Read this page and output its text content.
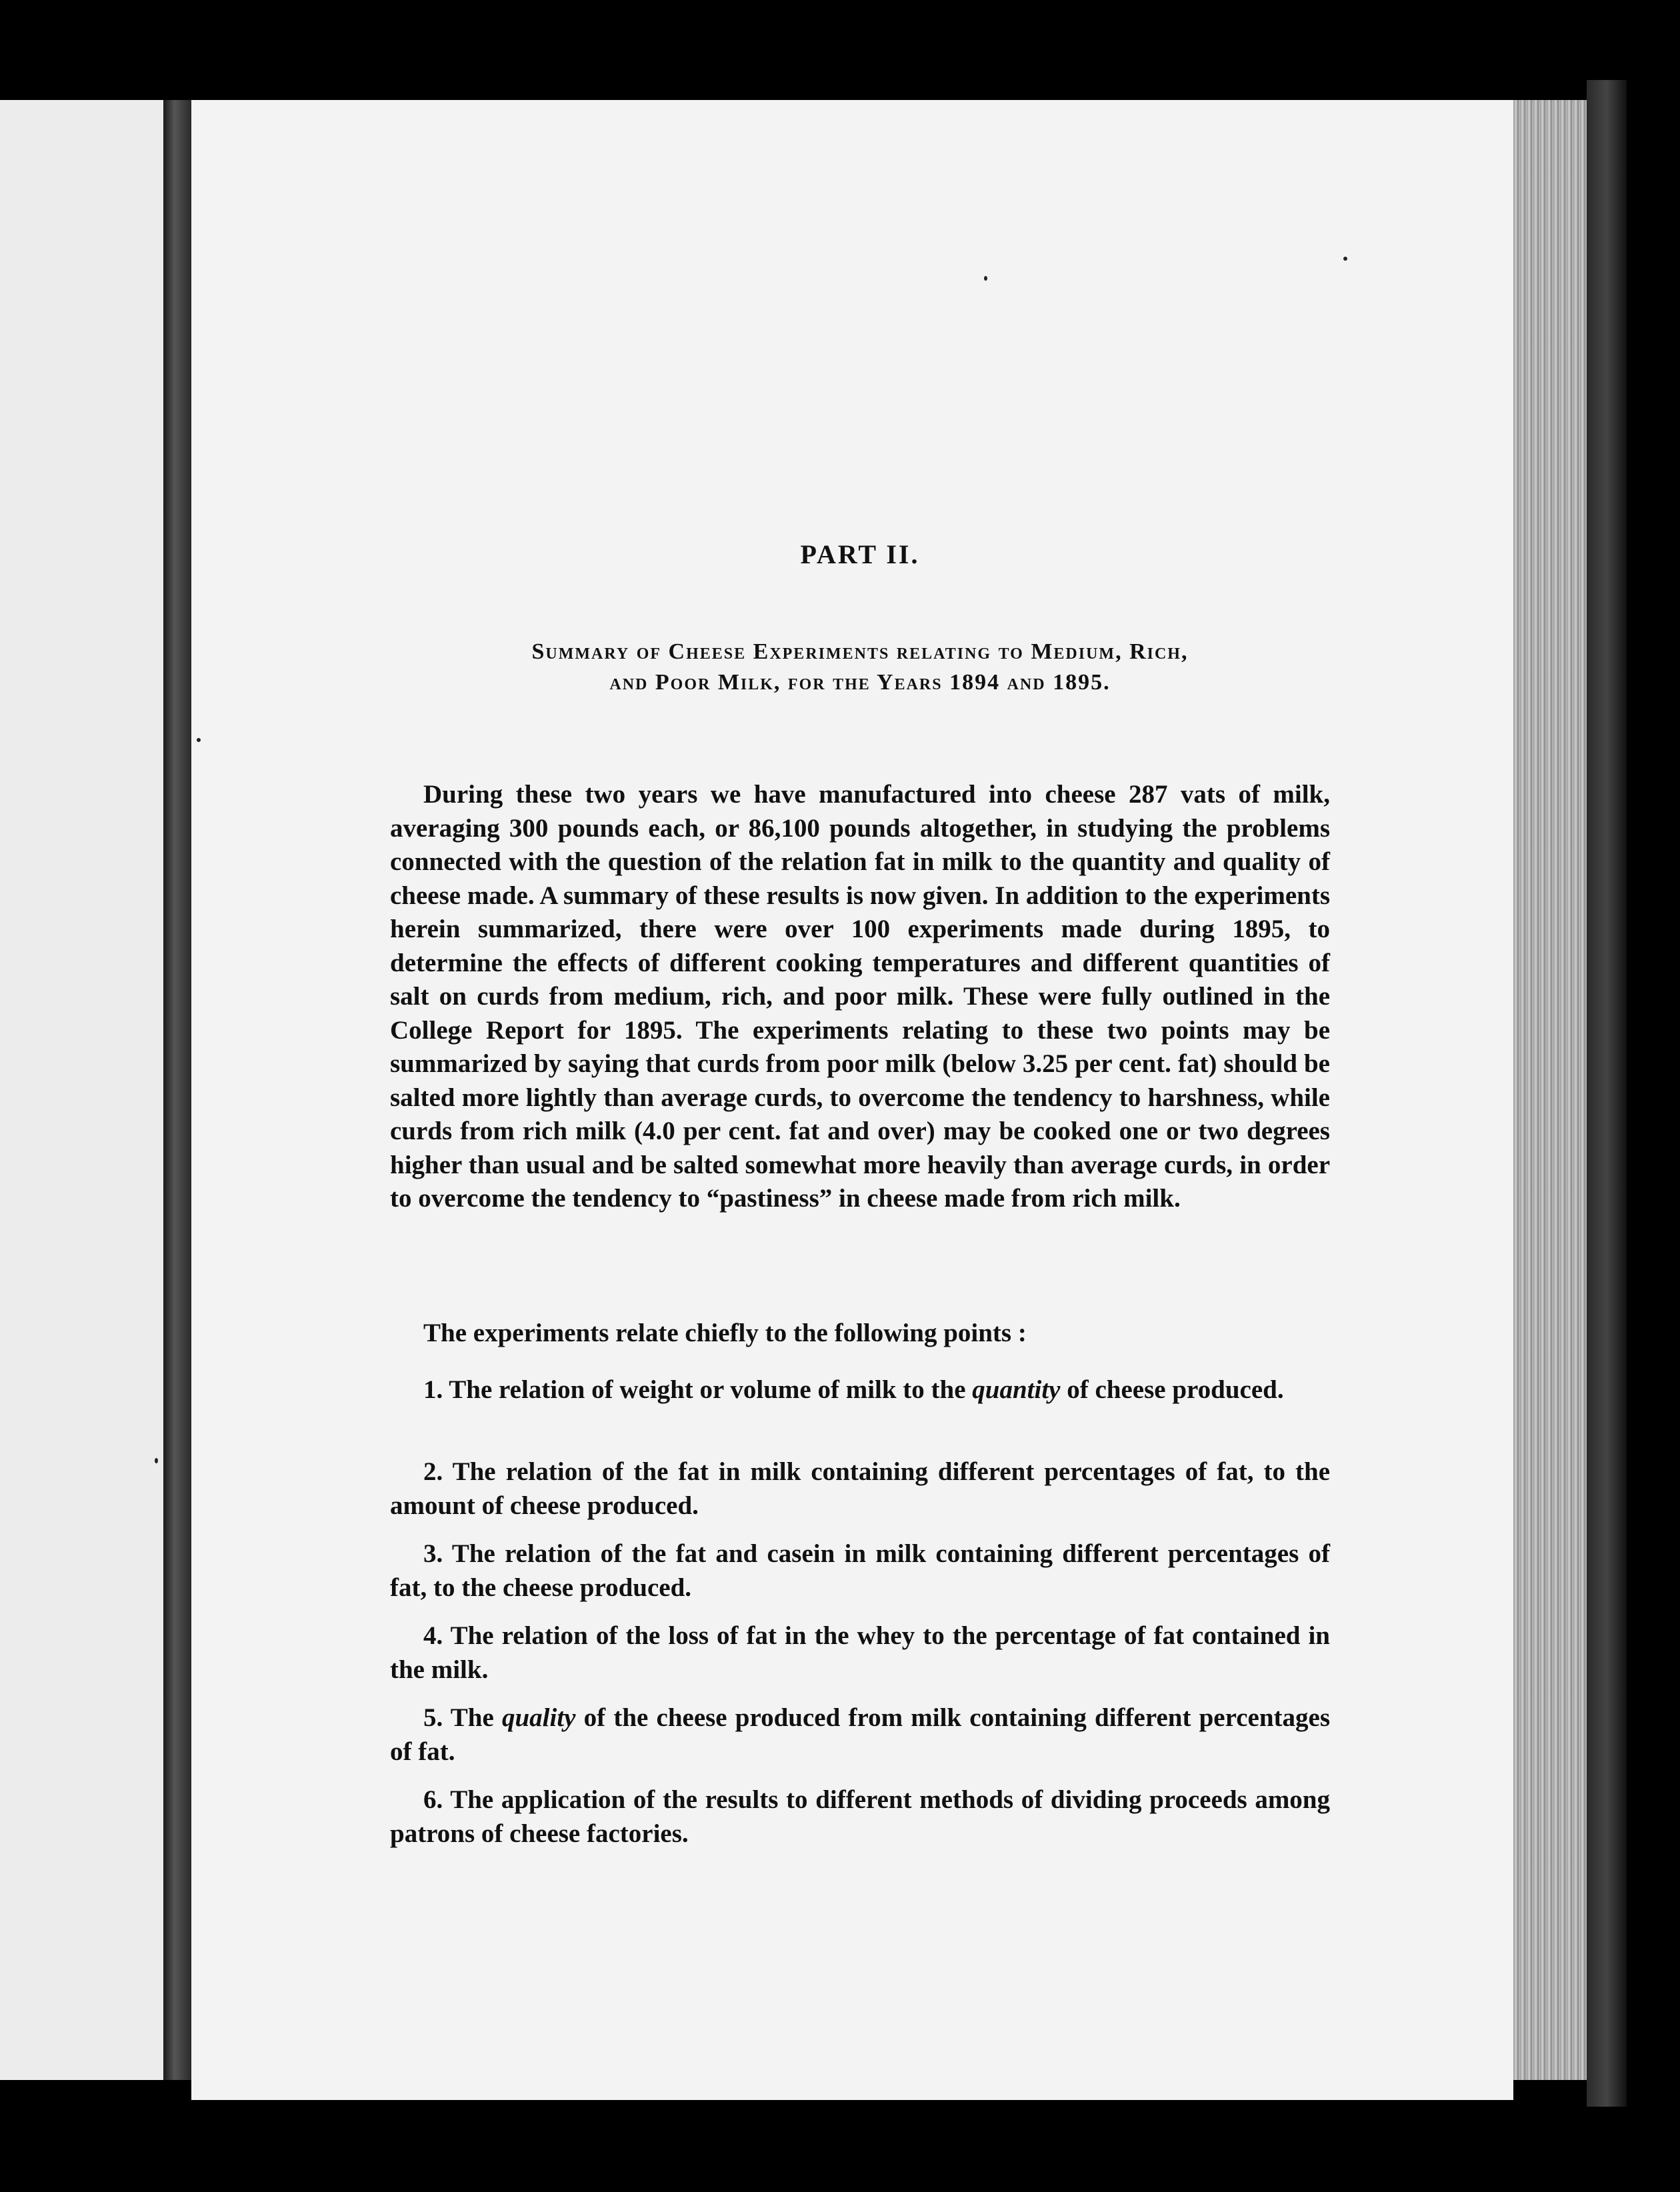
PART II.
Summary of Cheese Experiments relating to Medium, Rich,
and Poor Milk, for the Years 1894 and 1895.

During these two years we have manufactured into cheese 287 vats of milk, averaging 300 pounds each, or 86,100 pounds altogether, in studying the problems connected with the question of the relation fat in milk to the quantity and quality of cheese made. A summary of these results is now given. In addition to the experiments herein summarized, there were over 100 experiments made during 1895, to determine the effects of different cooking temperatures and different quantities of salt on curds from medium, rich, and poor milk. These were fully outlined in the College Report for 1895. The experiments relating to these two points may be summarized by saying that curds from poor milk (below 3.25 per cent. fat) should be salted more lightly than average curds, to overcome the tendency to harshness, while curds from rich milk (4.0 per cent. fat and over) may be cooked one or two degrees higher than usual and be salted somewhat more heavily than average curds, in order to overcome the tendency to “pastiness” in cheese made from rich milk.

The experiments relate chiefly to the following points :

1. The relation of weight or volume of milk to the quantity of cheese produced.

2. The relation of the fat in milk containing different percentages of fat, to the amount of cheese produced.

3. The relation of the fat and casein in milk containing different percentages of fat, to the cheese produced.

4. The relation of the loss of fat in the whey to the percentage of fat contained in the milk.

5. The quality of the cheese produced from milk containing different percentages of fat.

6. The application of the results to different methods of dividing proceeds among patrons of cheese factories.
